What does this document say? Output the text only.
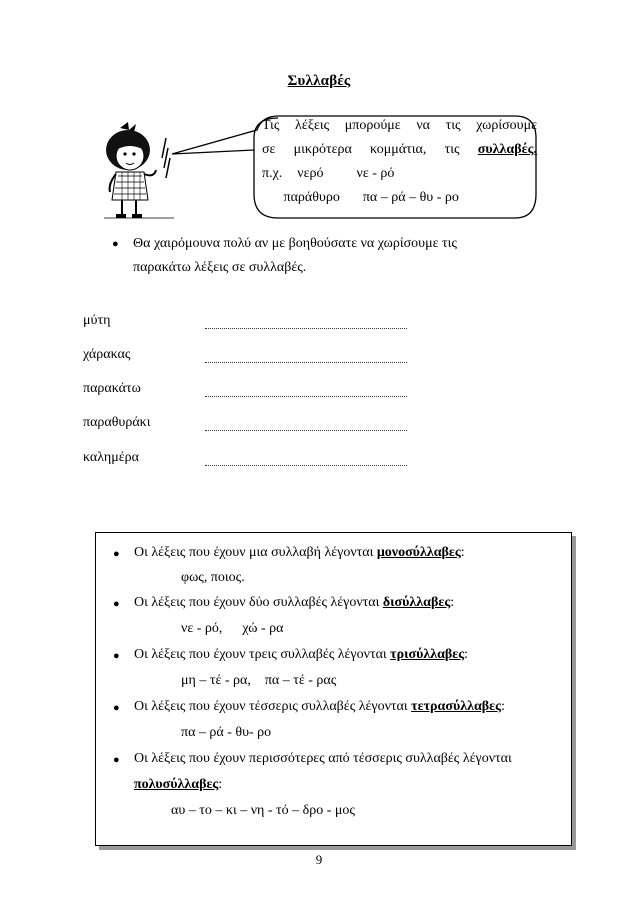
Συλλαβές
Τις λέξεις μπορούμε να τις χωρίσουμε
σε μικρότερα κομμάτια, τις συλλαβές.
π.χ. νερό νε - ρό
παράθυρο πα – ρά – θυ - ρο
● Θα χαιρόμουνα πολύ αν με βοηθούσατε να χωρίσουμε τις
παρακάτω λέξεις σε συλλαβές.
μύτη
χάρακας
παρακάτω
παραθυράκι
καλημέρα
● Οι λέξεις που έχουν μια συλλαβή λέγονται μονοσύλλαβες:
φως, ποιος.
● Οι λέξεις που έχουν δύο συλλαβές λέγονται δισύλλαβες:
νε - ρό, χώ - ρα
● Οι λέξεις που έχουν τρεις συλλαβές λέγονται τρισύλλαβες:
μη – τέ - ρα, πα – τέ - ρας
● Οι λέξεις που έχουν τέσσερις συλλαβές λέγονται τετρασύλλαβες:
πα – ρά - θυ- ρο
● Οι λέξεις που έχουν περισσότερες από τέσσερις συλλαβές λέγονται
πολυσύλλαβες:
αυ – το – κι – νη - τό – δρο - μος
9
